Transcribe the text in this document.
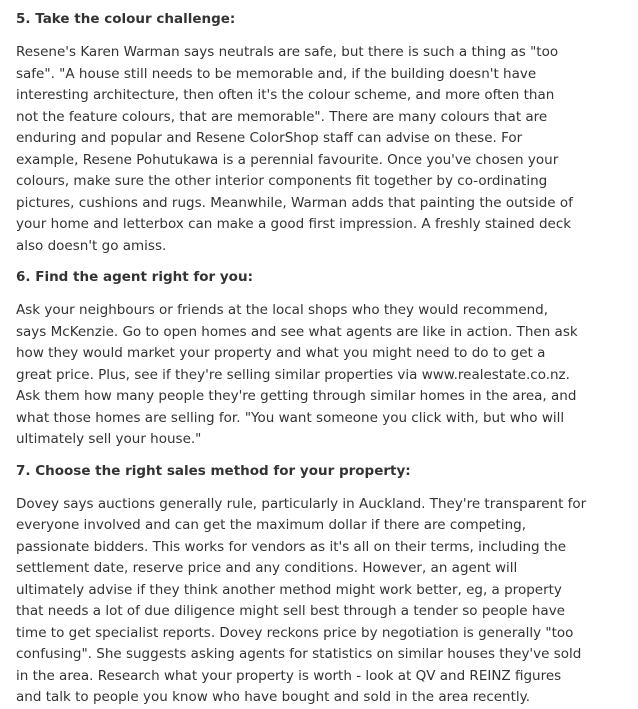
5. Take the colour challenge:

Resene's Karen Warman says neutrals are safe, but there is such a thing as "too
safe". "A house still needs to be memorable and, if the building doesn't have
interesting architecture, then often it's the colour scheme, and more often than
not the feature colours, that are memorable". There are many colours that are
enduring and popular and Resene ColorShop staff can advise on these. For
example, Resene Pohutukawa is a perennial favourite. Once you've chosen your
colours, make sure the other interior components fit together by co-ordinating
pictures, cushions and rugs. Meanwhile, Warman adds that painting the outside of
your home and letterbox can make a good first impression. A freshly stained deck
also doesn't go amiss.

6. Find the agent right for you:

Ask your neighbours or friends at the local shops who they would recommend,
says McKenzie. Go to open homes and see what agents are like in action. Then ask
how they would market your property and what you might need to do to get a
great price. Plus, see if they're selling similar properties via www.realestate.co.nz.
Ask them how many people they're getting through similar homes in the area, and
what those homes are selling for. "You want someone you click with, but who will
ultimately sell your house."

7. Choose the right sales method for your property:

Dovey says auctions generally rule, particularly in Auckland. They're transparent for
everyone involved and can get the maximum dollar if there are competing,
passionate bidders. This works for vendors as it's all on their terms, including the
settlement date, reserve price and any conditions. However, an agent will
ultimately advise if they think another method might work better, eg, a property
that needs a lot of due diligence might sell best through a tender so people have
time to get specialist reports. Dovey reckons price by negotiation is generally "too
confusing". She suggests asking agents for statistics on similar houses they've sold
in the area. Research what your property is worth - look at QV and REINZ figures
and talk to people you know who have bought and sold in the area recently.
